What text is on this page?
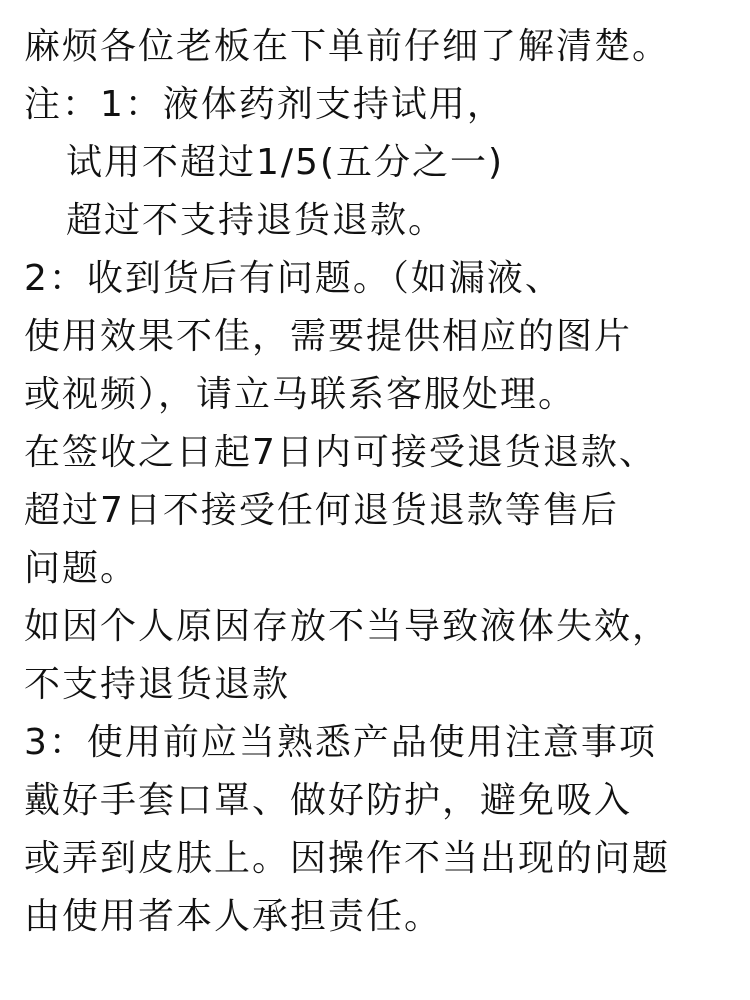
麻烦各位老板在下单前仔细了解清楚。
注：1：液体药剂支持试用，
试用不超过1/5(五分之一)
超过不支持退货退款。
2：收到货后有问题。（如漏液、
使用效果不佳，需要提供相应的图片
或视频），请立马联系客服处理。
在签收之日起7日内可接受退货退款、
超过7日不接受任何退货退款等售后
问题。
如因个人原因存放不当导致液体失效，
不支持退货退款
3：使用前应当熟悉产品使用注意事项
戴好手套口罩、做好防护，避免吸入
或弄到皮肤上。因操作不当出现的问题
由使用者本人承担责任。
